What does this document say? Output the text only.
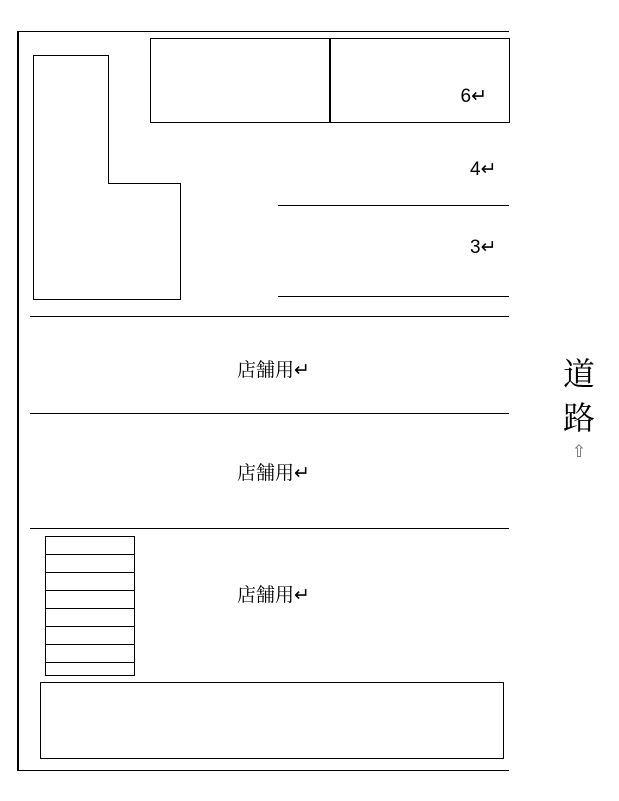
6↵
4↵
3↵
店舗用↵
店舗用↵
店舗用↵
道
路
⇧
